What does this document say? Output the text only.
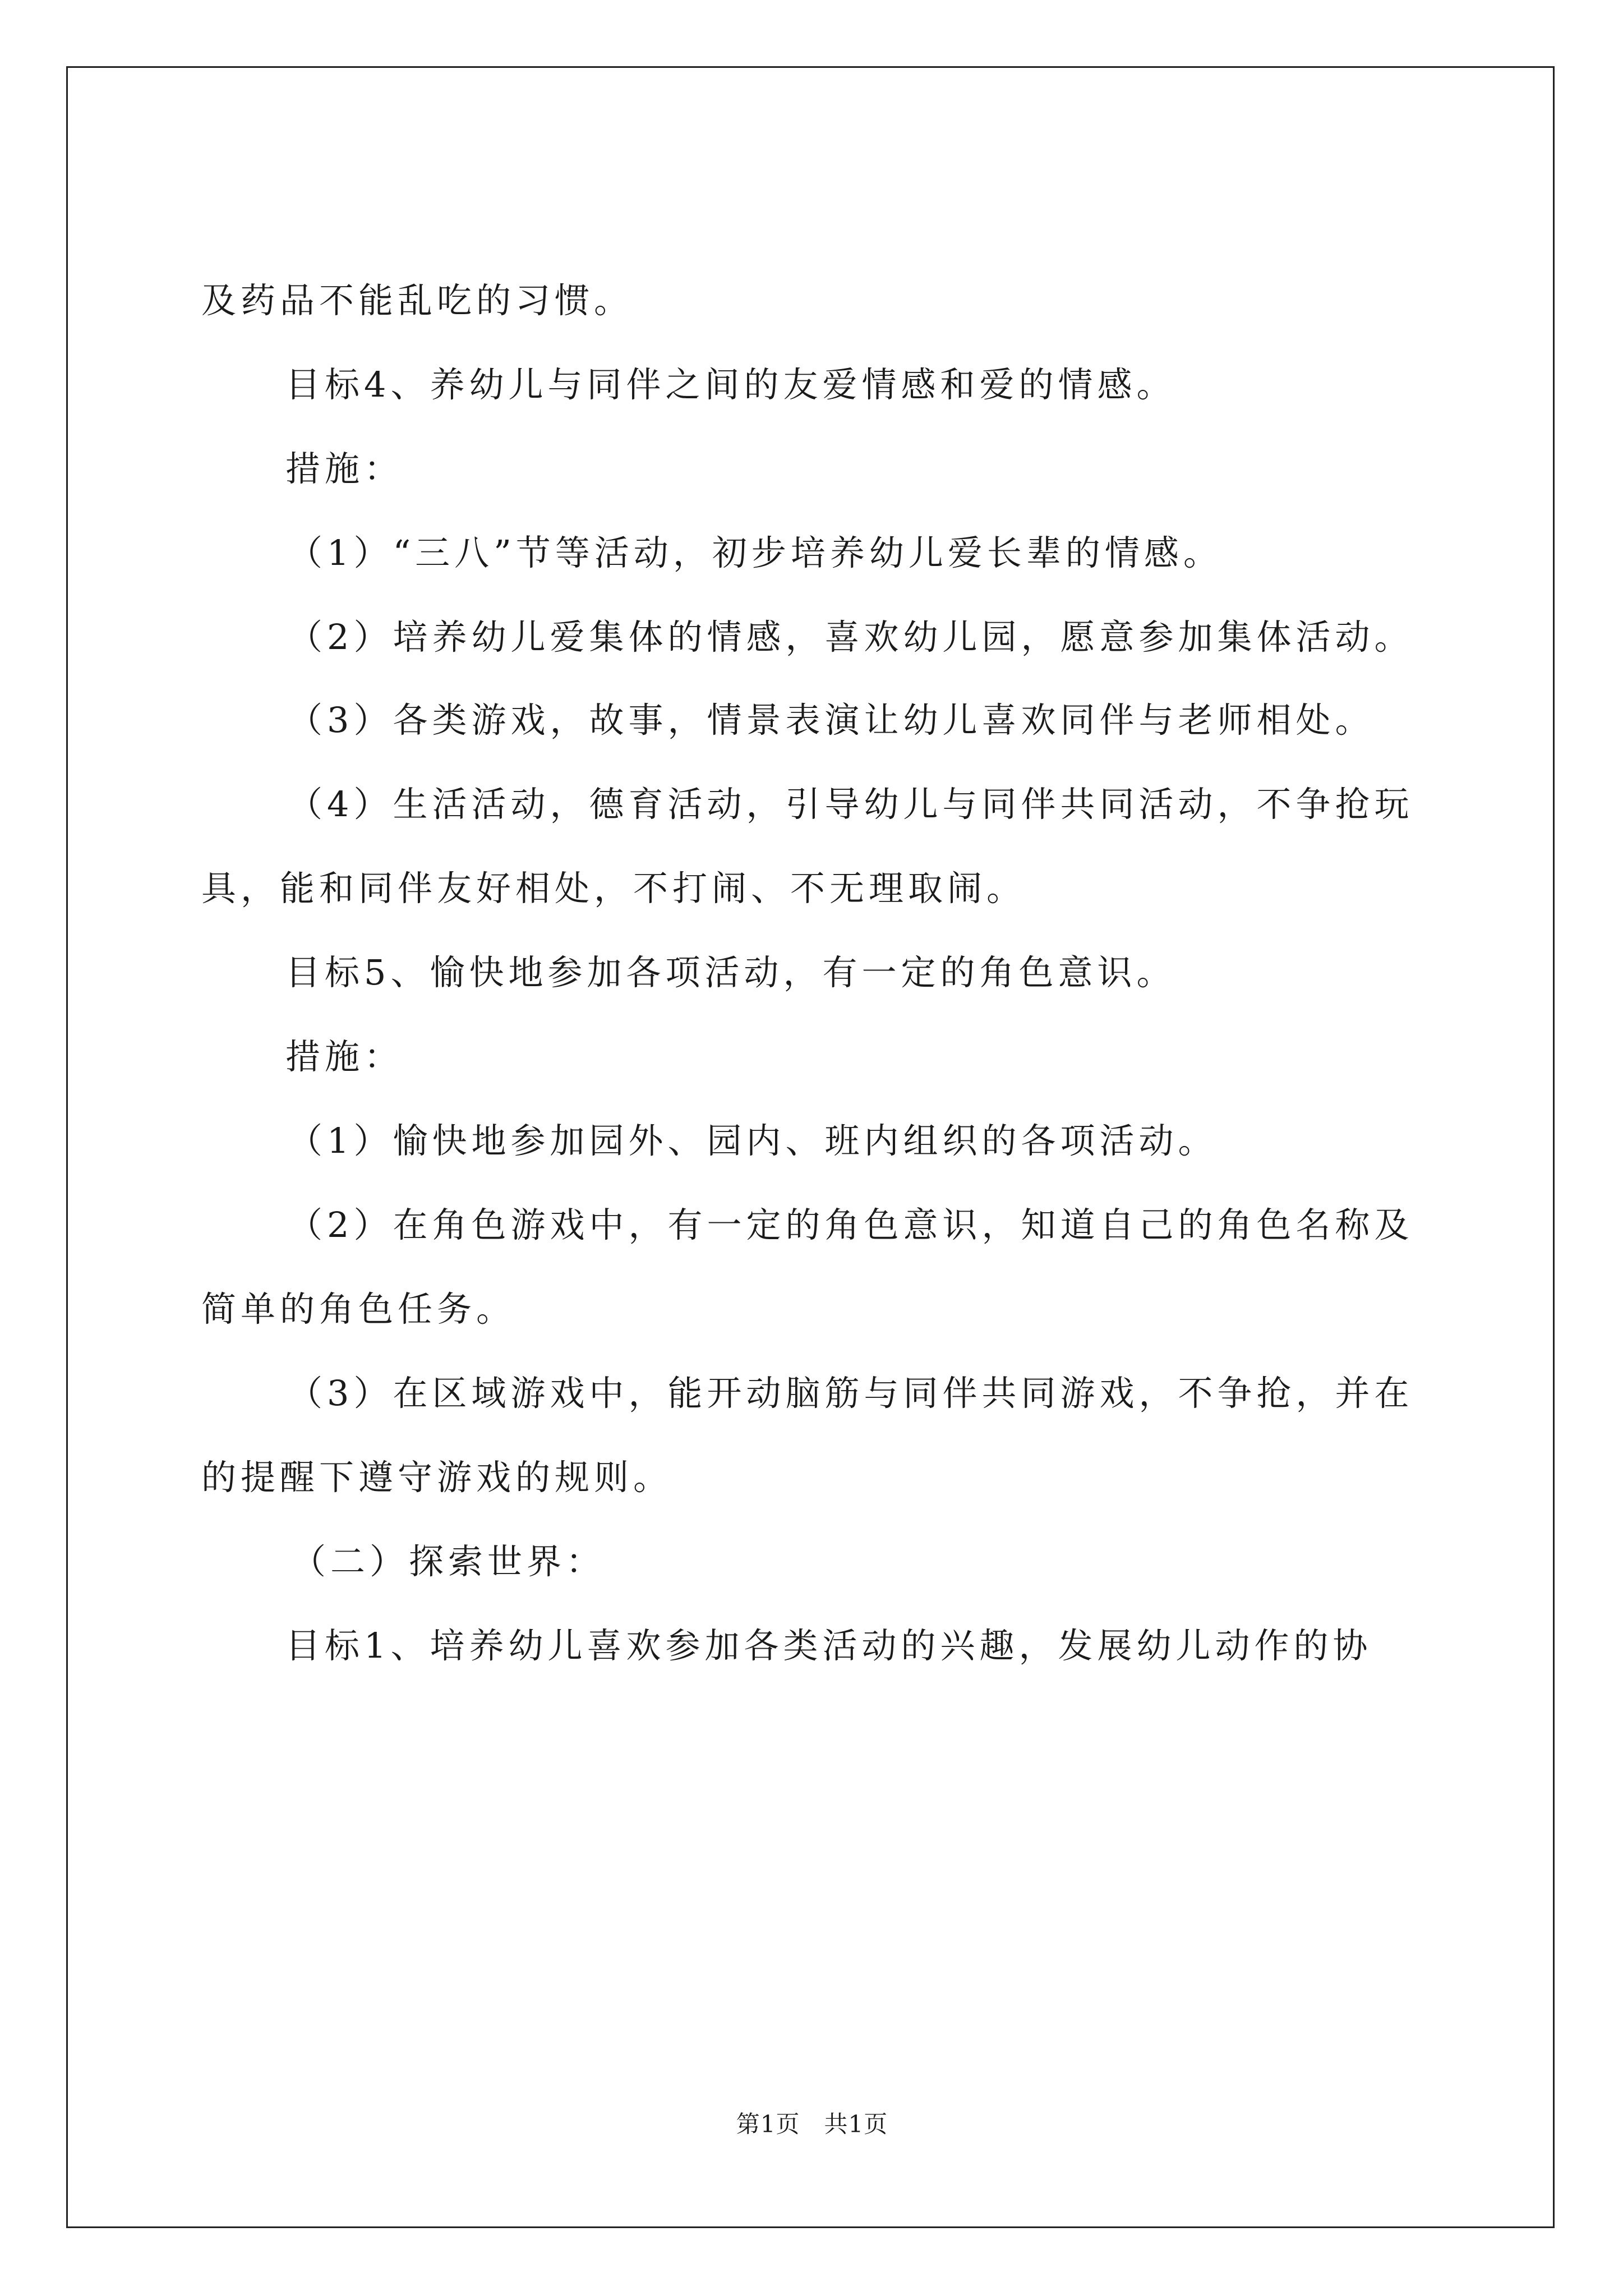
及药品不能乱吃的习惯。
目标4、养幼儿与同伴之间的友爱情感和爱的情感。
措施：
（1）“三八”节等活动，初步培养幼儿爱长辈的情感。
（2）培养幼儿爱集体的情感，喜欢幼儿园，愿意参加集体活动。
（3）各类游戏，故事，情景表演让幼儿喜欢同伴与老师相处。
（4）生活活动，德育活动，引导幼儿与同伴共同活动，不争抢玩
具，能和同伴友好相处，不打闹、不无理取闹。
目标5、愉快地参加各项活动，有一定的角色意识。
措施：
（1）愉快地参加园外、园内、班内组织的各项活动。
（2）在角色游戏中，有一定的角色意识，知道自己的角色名称及
简单的角色任务。
（3）在区域游戏中，能开动脑筋与同伴共同游戏，不争抢，并在
的提醒下遵守游戏的规则。
（二）探索世界：
目标1、培养幼儿喜欢参加各类活动的兴趣，发展幼儿动作的协
第1页   共1页
